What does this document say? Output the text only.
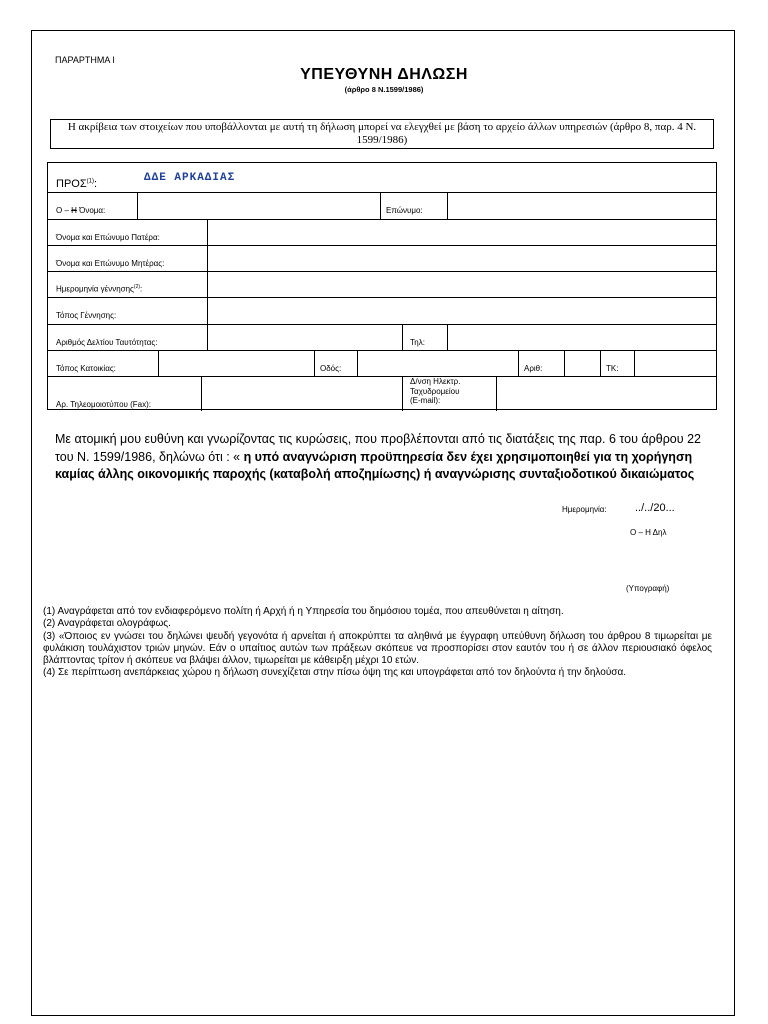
ΠΑΡΑΡΤΗΜΑ Ι
ΥΠΕΥΘΥΝΗ ΔΗΛΩΣΗ
(άρθρο 8 Ν.1599/1986)
Η ακρίβεια των στοιχείων που υποβάλλονται με αυτή τη δήλωση μπορεί να ελεγχθεί με βάση το αρχείο άλλων υπηρεσιών (άρθρο 8, παρ. 4 Ν. 1599/1986)
ΠΡΟΣ$^{(1)}$:	ΔΔΕ ΑΡΚΑΔΙΑΣ
Ο – Η Όνομα:	Επώνυμο:
Όνομα και Επώνυμο Πατέρα:
Όνομα και Επώνυμο Μητέρας:
Ημερομηνία γέννησης$^{(2)}$:
Τόπος Γέννησης:
Αριθμός Δελτίου Ταυτότητας:	Τηλ:
Τόπος Κατοικίας:	Οδός:	Αριθ:	ΤΚ:
Αρ. Τηλεομοιοτύπου (Fax):
Δ/νση Ηλεκτρ.
Ταχυδρομείου
(E-mail):
Με ατομική μου ευθύνη και γνωρίζοντας τις κυρώσεις, που προβλέπονται από τις διατάξεις της παρ. 6 του άρθρου 22 του Ν. 1599/1986, δηλώνω ότι : « η υπό αναγνώριση προϋπηρεσία δεν έχει χρησιμοποιηθεί για τη χορήγηση καμίας άλλης οικονομικής παροχής (καταβολή αποζημίωσης) ή αναγνώρισης συνταξιοδοτικού δικαιώματος
Ημερομηνία:	../../20...
Ο – Η Δηλ
(Υπογραφή)

(1) Αναγράφεται από τον ενδιαφερόμενο πολίτη ή Αρχή ή η Υπηρεσία του δημόσιου τομέα, που απευθύνεται η αίτηση.

(2) Αναγράφεται ολογράφως.

(3) «Όποιος εν γνώσει του δηλώνει ψευδή γεγονότα ή αρνείται ή αποκρύπτει τα αληθινά με έγγραφη υπεύθυνη δήλωση του άρθρου 8 τιμωρείται με φυλάκιση τουλάχιστον τριών μηνών. Εάν ο υπαίτιος αυτών των πράξεων σκόπευε να προσπορίσει στον εαυτόν του ή σε άλλον περιουσιακό όφελος βλάπτοντας τρίτον ή σκόπευε να βλάψει άλλον, τιμωρείται με κάθειρξη μέχρι 10 ετών.

(4) Σε περίπτωση ανεπάρκειας χώρου η δήλωση συνεχίζεται στην πίσω όψη της και υπογράφεται από τον δηλούντα ή την δηλούσα.
